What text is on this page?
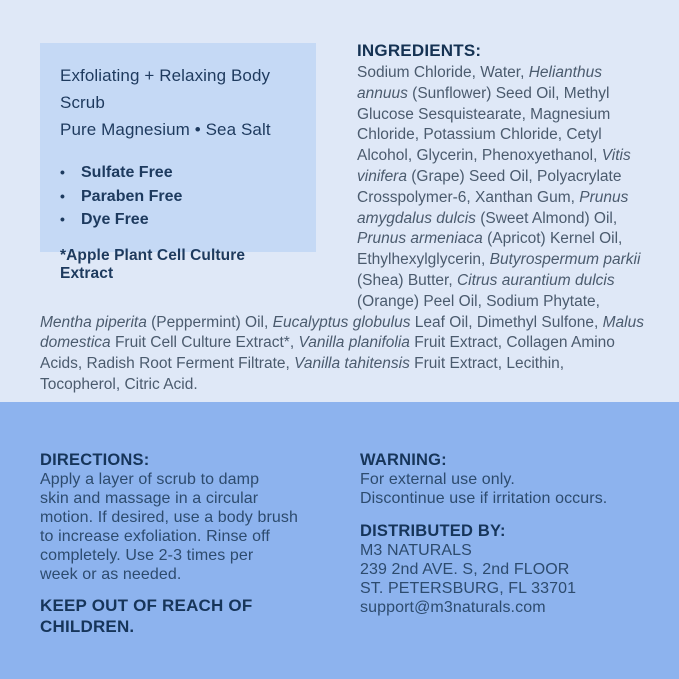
Exfoliating + Relaxing Body Scrub
Pure Magnesium • Sea Salt
•	Sulfate Free
•	Paraben Free
•	Dye Free
*Apple Plant Cell Culture Extract
INGREDIENTS:

Sodium Chloride, Water, Helianthus annuus (Sunflower) Seed Oil, Methyl Glucose Sesquistearate, Magnesium Chloride, Potassium Chloride, Cetyl Alcohol, Glycerin, Phenoxyethanol, Vitis vinifera (Grape) Seed Oil, Polyacrylate Crosspolymer-6, Xanthan Gum, Prunus amygdalus dulcis (Sweet Almond) Oil, Prunus armeniaca (Apricot) Kernel Oil, Ethylhexylglycerin, Butyrospermum parkii (Shea) Butter, Citrus aurantium dulcis (Orange) Peel Oil, Sodium Phytate, Mentha piperita (Peppermint) Oil, Eucalyptus globulus Leaf Oil, Dimethyl Sulfone, Malus domestica Fruit Cell Culture Extract*, Vanilla planifolia Fruit Extract, Collagen Amino Acids, Radish Root Ferment Filtrate, Vanilla tahitensis Fruit Extract, Lecithin, Tocopherol, Citric Acid.

DIRECTIONS:

Apply a layer of scrub to damp
skin and massage in a circular
motion. If desired, use a body brush
to increase exfoliation. Rinse off
completely. Use 2-3 times per
week or as needed.

KEEP OUT OF REACH OF
CHILDREN.
WARNING:

For external use only.
Discontinue use if irritation occurs.

DISTRIBUTED BY:

M3 NATURALS
239 2nd AVE. S, 2nd FLOOR
ST. PETERSBURG, FL 33701
support@m3naturals.com
